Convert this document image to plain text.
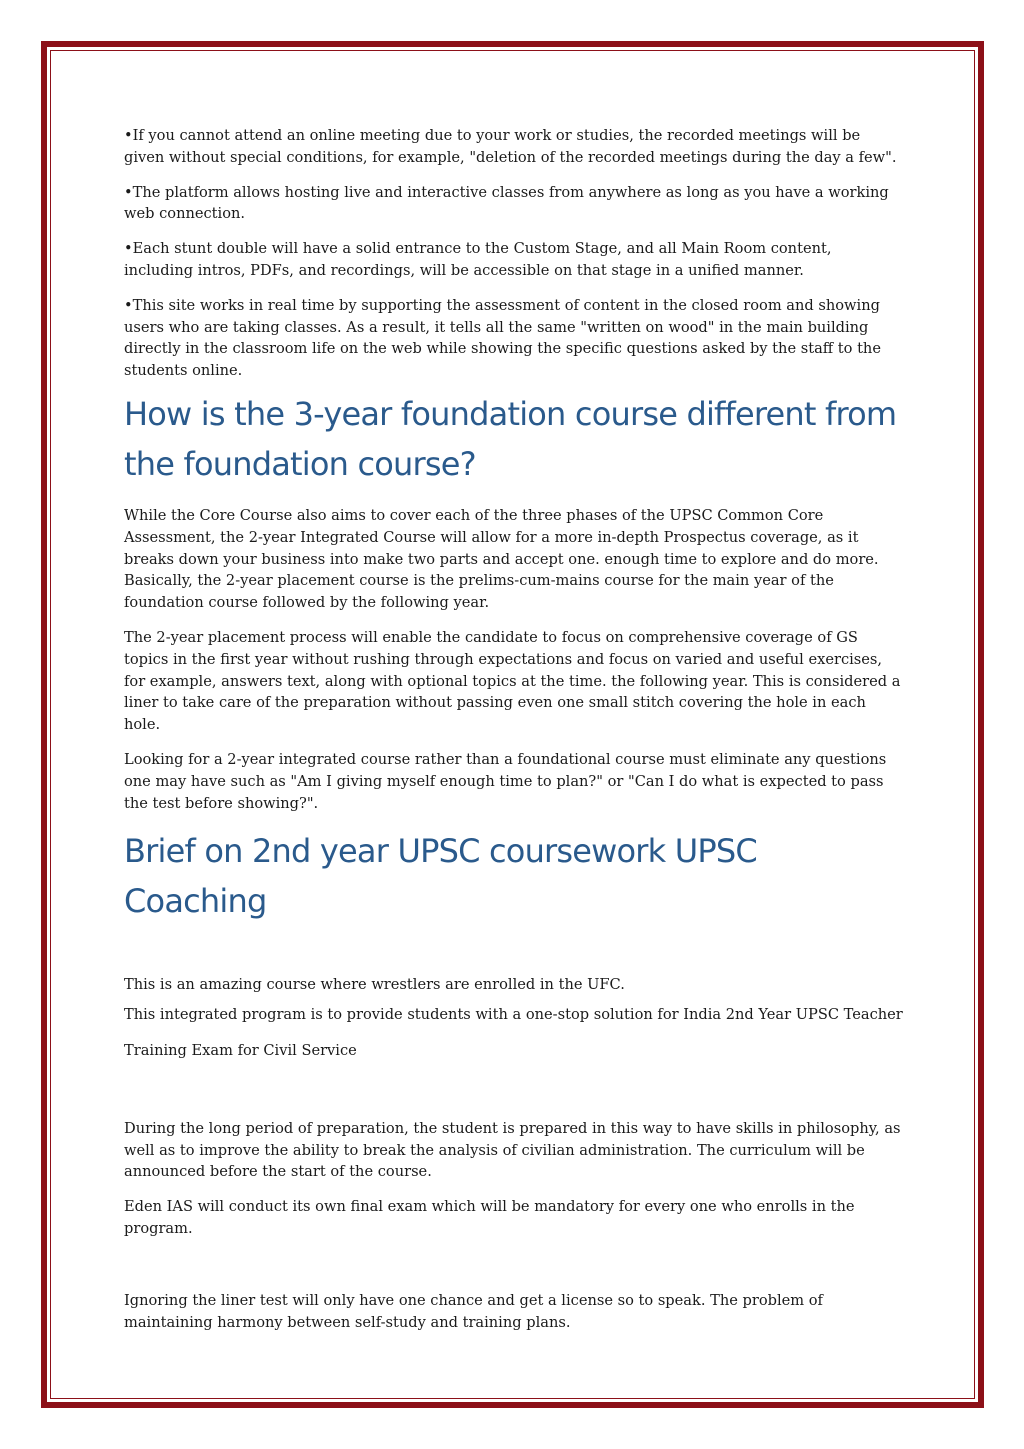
•If you cannot attend an online meeting due to your work or studies, the recorded meetings will be given without special conditions, for example, "deletion of the recorded meetings during the day a few".

•The platform allows hosting live and interactive classes from anywhere as long as you have a working web connection.

•Each stunt double will have a solid entrance to the Custom Stage, and all Main Room content, including intros, PDFs, and recordings, will be accessible on that stage in a unified manner.

•This site works in real time by supporting the assessment of content in the closed room and showing users who are taking classes. As a result, it tells all the same "written on wood" in the main building directly in the classroom life on the web while showing the specific questions asked by the staff to the students online.

How is the 3-year foundation course different from the foundation course?

While the Core Course also aims to cover each of the three phases of the UPSC Common Core Assessment, the 2-year Integrated Course will allow for a more in-depth Prospectus coverage, as it breaks down your business into make two parts and accept one. enough time to explore and do more. Basically, the 2-year placement course is the prelims-cum-mains course for the main year of the foundation course followed by the following year.

The 2-year placement process will enable the candidate to focus on comprehensive coverage of GS topics in the first year without rushing through expectations and focus on varied and useful exercises, for example, answers text, along with optional topics at the time. the following year. This is considered a liner to take care of the preparation without passing even one small stitch covering the hole in each hole.

Looking for a 2-year integrated course rather than a foundational course must eliminate any questions one may have such as "Am I giving myself enough time to plan?" or "Can I do what is expected to pass the test before showing?".

Brief on 2nd year UPSC coursework UPSC Coaching

This is an amazing course where wrestlers are enrolled in the UFC.

This integrated program is to provide students with a one-stop solution for India 2nd Year UPSC Teacher

Training Exam for Civil Service

During the long period of preparation, the student is prepared in this way to have skills in philosophy, as well as to improve the ability to break the analysis of civilian administration. The curriculum will be announced before the start of the course.

Eden IAS will conduct its own final exam which will be mandatory for every one who enrolls in the program.

Ignoring the liner test will only have one chance and get a license so to speak. The problem of maintaining harmony between self-study and training plans.
